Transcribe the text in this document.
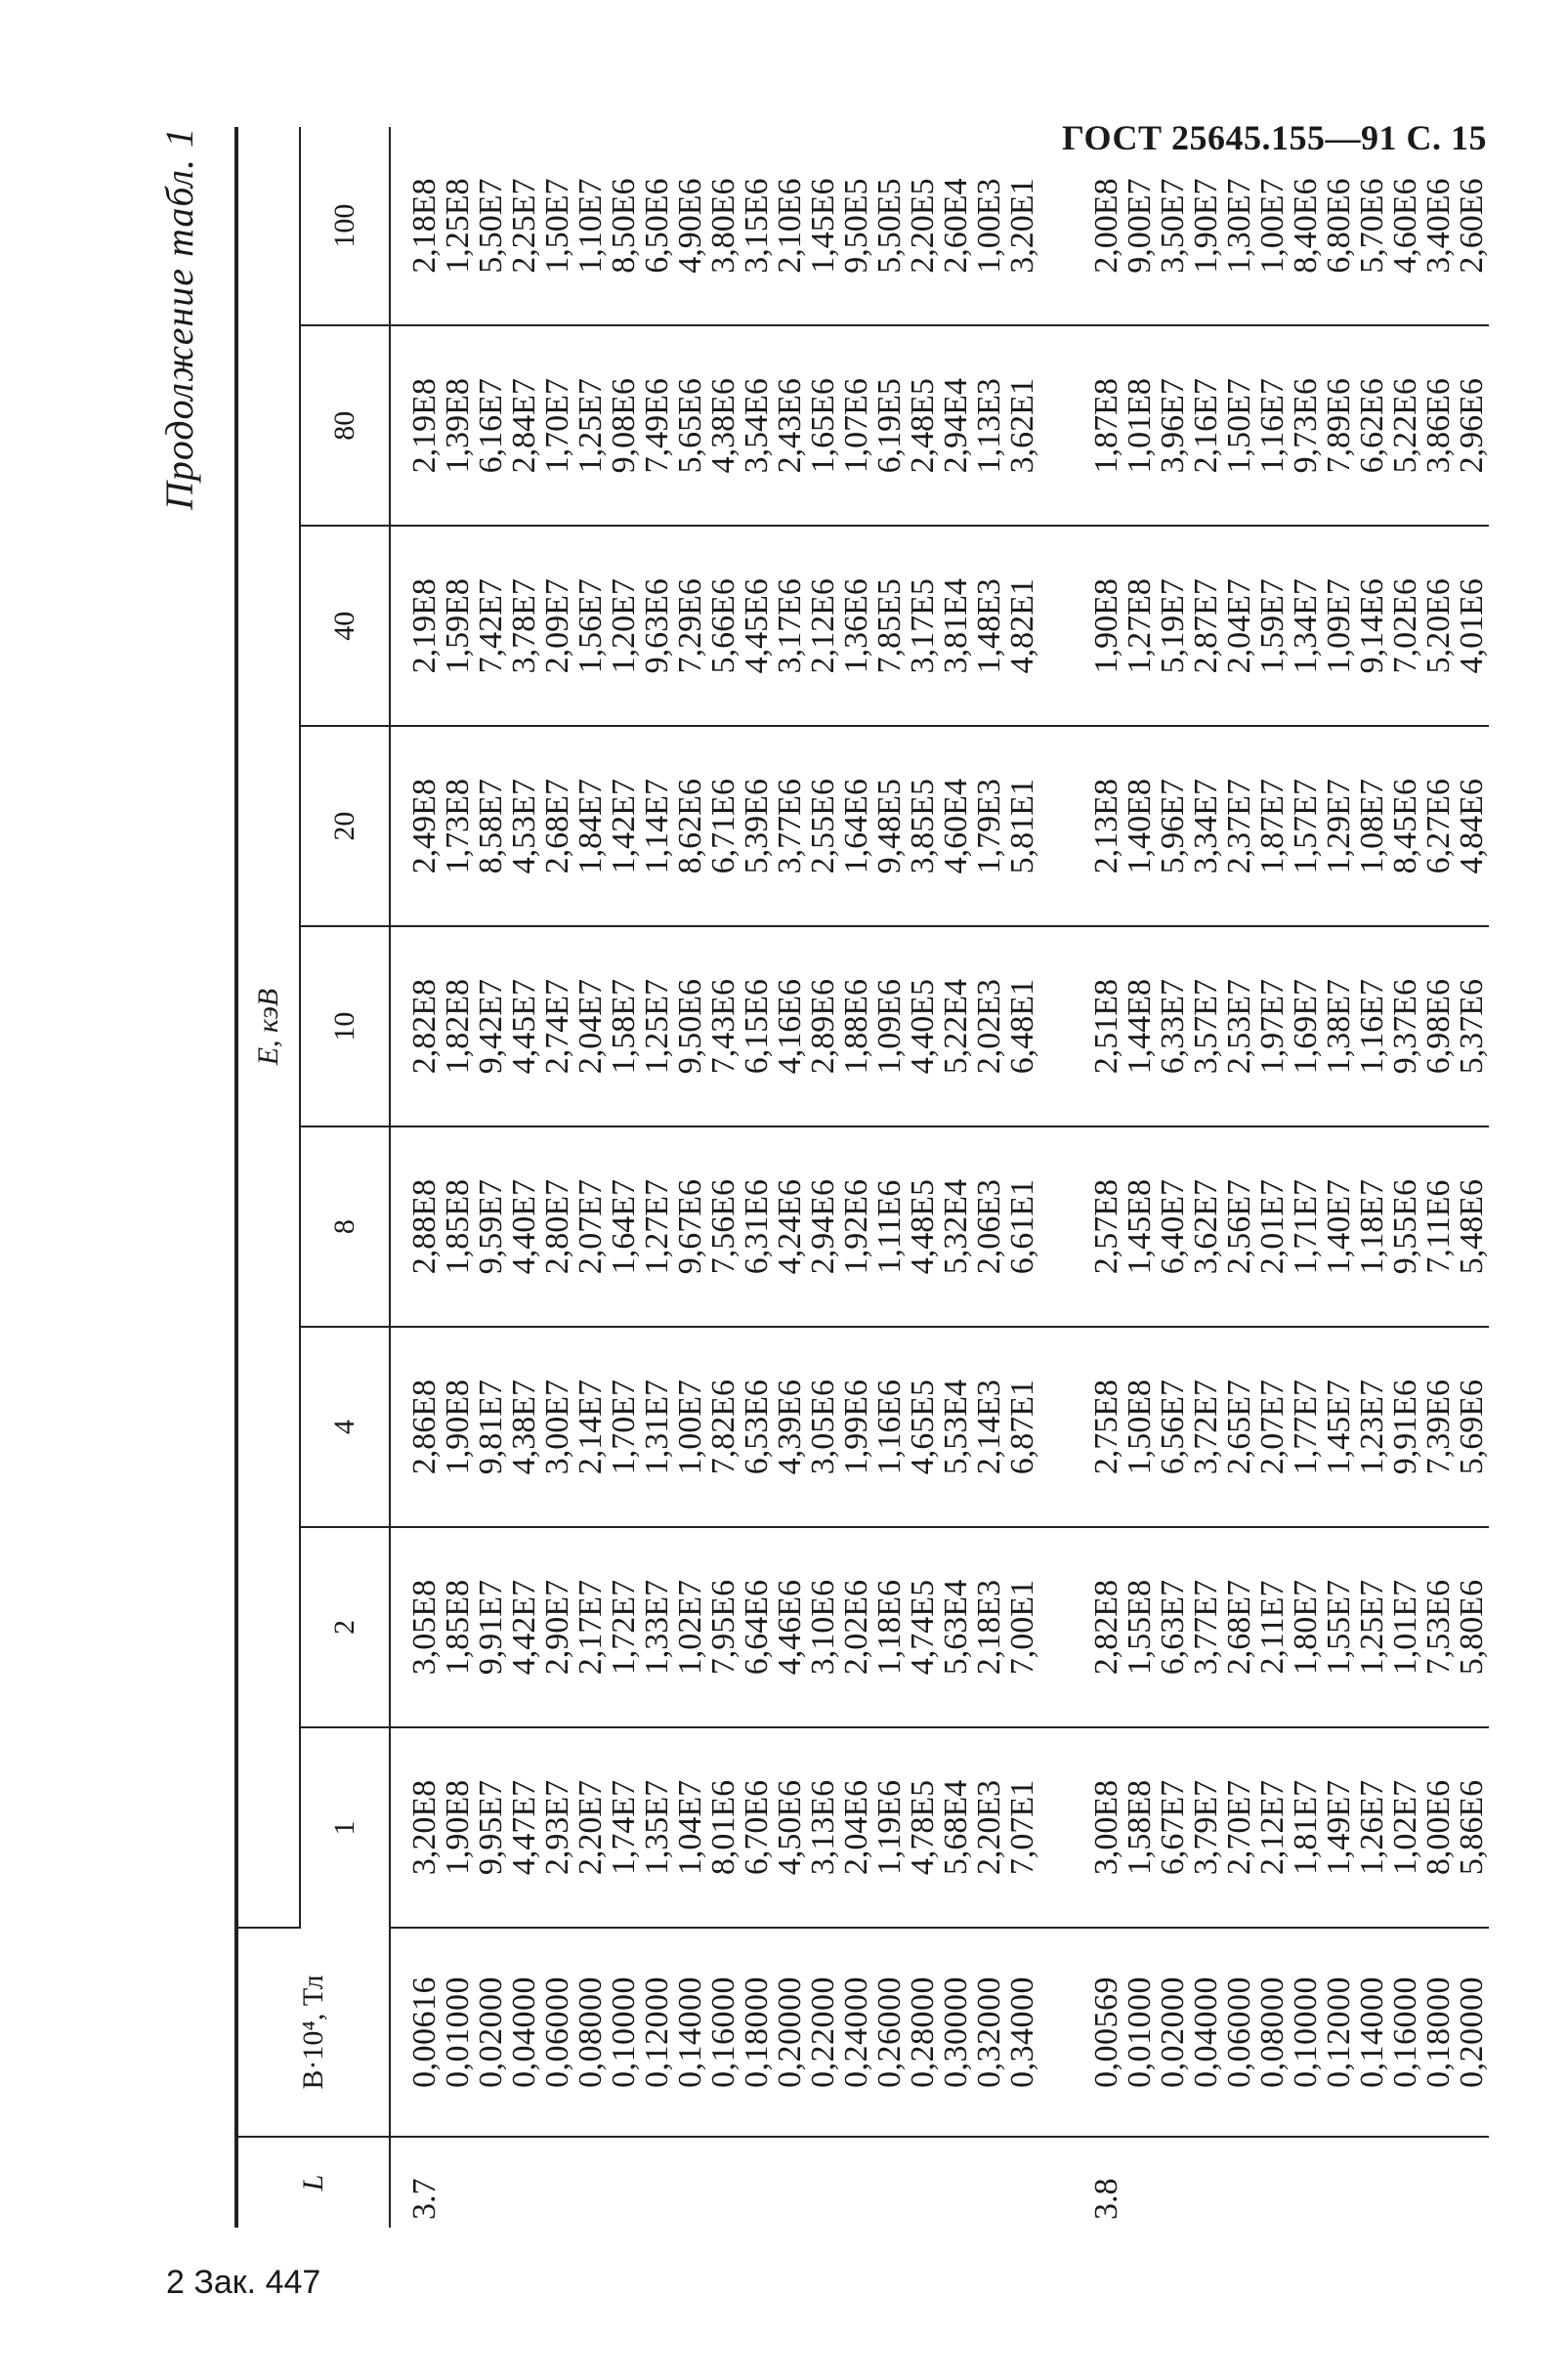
ГОСТ 25645.155—91 С. 15
Продолжение табл. 1
L	B·10⁴, Тл	E, кэВ								
		1	2	4	8	10	20	40	80	100
3.7	0,00616	3,20E8	3,05E8	2,86E8	2,88E8	2,82E8	2,49E8	2,19E8	2,19E8	2,18E8
	0,01000	1,90E8	1,85E8	1,90E8	1,85E8	1,82E8	1,73E8	1,59E8	1,39E8	1,25E8
	0,02000	9,95E7	9,91E7	9,81E7	9,59E7	9,42E7	8,58E7	7,42E7	6,16E7	5,50E7
	0,04000	4,47E7	4,42E7	4,38E7	4,40E7	4,45E7	4,53E7	3,78E7	2,84E7	2,25E7
	0,06000	2,93E7	2,90E7	3,00E7	2,80E7	2,74E7	2,68E7	2,09E7	1,70E7	1,50E7
	0,08000	2,20E7	2,17E7	2,14E7	2,07E7	2,04E7	1,84E7	1,56E7	1,25E7	1,10E7
	0,10000	1,74E7	1,72E7	1,70E7	1,64E7	1,58E7	1,42E7	1,20E7	9,08E6	8,50E6
	0,12000	1,35E7	1,33E7	1,31E7	1,27E7	1,25E7	1,14E7	9,63E6	7,49E6	6,50E6
	0,14000	1,04E7	1,02E7	1,00E7	9,67E6	9,50E6	8,62E6	7,29E6	5,65E6	4,90E6
	0,16000	8,01E6	7,95E6	7,82E6	7,56E6	7,43E6	6,71E6	5,66E6	4,38E6	3,80E6
	0,18000	6,70E6	6,64E6	6,53E6	6,31E6	6,15E6	5,39E6	4,45E6	3,54E6	3,15E6
	0,20000	4,50E6	4,46E6	4,39E6	4,24E6	4,16E6	3,77E6	3,17E6	2,43E6	2,10E6
	0,22000	3,13E6	3,10E6	3,05E6	2,94E6	2,89E6	2,55E6	2,12E6	1,65E6	1,45E6
	0,24000	2,04E6	2,02E6	1,99E6	1,92E6	1,88E6	1,64E6	1,36E6	1,07E6	9,50E5
	0,26000	1,19E6	1,18E6	1,16E6	1,11E6	1,09E6	9,48E5	7,85E5	6,19E5	5,50E5
	0,28000	4,78E5	4,74E5	4,65E5	4,48E5	4,40E5	3,85E5	3,17E5	2,48E5	2,20E5
	0,30000	5,68E4	5,63E4	5,53E4	5,32E4	5,22E4	4,60E4	3,81E4	2,94E4	2,60E4
	0,32000	2,20E3	2,18E3	2,14E3	2,06E3	2,02E3	1,79E3	1,48E3	1,13E3	1,00E3
	0,34000	7,07E1	7,00E1	6,87E1	6,61E1	6,48E1	5,81E1	4,82E1	3,62E1	3,20E1
3.8	0,00569	3,00E8	2,82E8	2,75E8	2,57E8	2,51E8	2,13E8	1,90E8	1,87E8	2,00E8
	0,01000	1,58E8	1,55E8	1,50E8	1,45E8	1,44E8	1,40E8	1,27E8	1,01E8	9,00E7
	0,02000	6,67E7	6,63E7	6,56E7	6,40E7	6,33E7	5,96E7	5,19E7	3,96E7	3,50E7
	0,04000	3,79E7	3,77E7	3,72E7	3,62E7	3,57E7	3,34E7	2,87E7	2,16E7	1,90E7
	0,06000	2,70E7	2,68E7	2,65E7	2,56E7	2,53E7	2,37E7	2,04E7	1,50E7	1,30E7
	0,08000	2,12E7	2,11E7	2,07E7	2,01E7	1,97E7	1,87E7	1,59E7	1,16E7	1,00E7
	0,10000	1,81E7	1,80E7	1,77E7	1,71E7	1,69E7	1,57E7	1,34E7	9,73E6	8,40E6
	0,12000	1,49E7	1,55E7	1,45E7	1,40E7	1,38E7	1,29E7	1,09E7	7,89E6	6,80E6
	0,14000	1,26E7	1,25E7	1,23E7	1,18E7	1,16E7	1,08E7	9,14E6	6,62E6	5,70E6
	0,16000	1,02E7	1,01E7	9,91E6	9,55E6	9,37E6	8,45E6	7,02E6	5,22E6	4,60E6
	0,18000	8,00E6	7,53E6	7,39E6	7,11E6	6,98E6	6,27E6	5,20E6	3,86E6	3,40E6
	0,20000	5,86E6	5,80E6	5,69E6	5,48E6	5,37E6	4,84E6	4,01E6	2,96E6	2,60E6
2 Зак. 447
